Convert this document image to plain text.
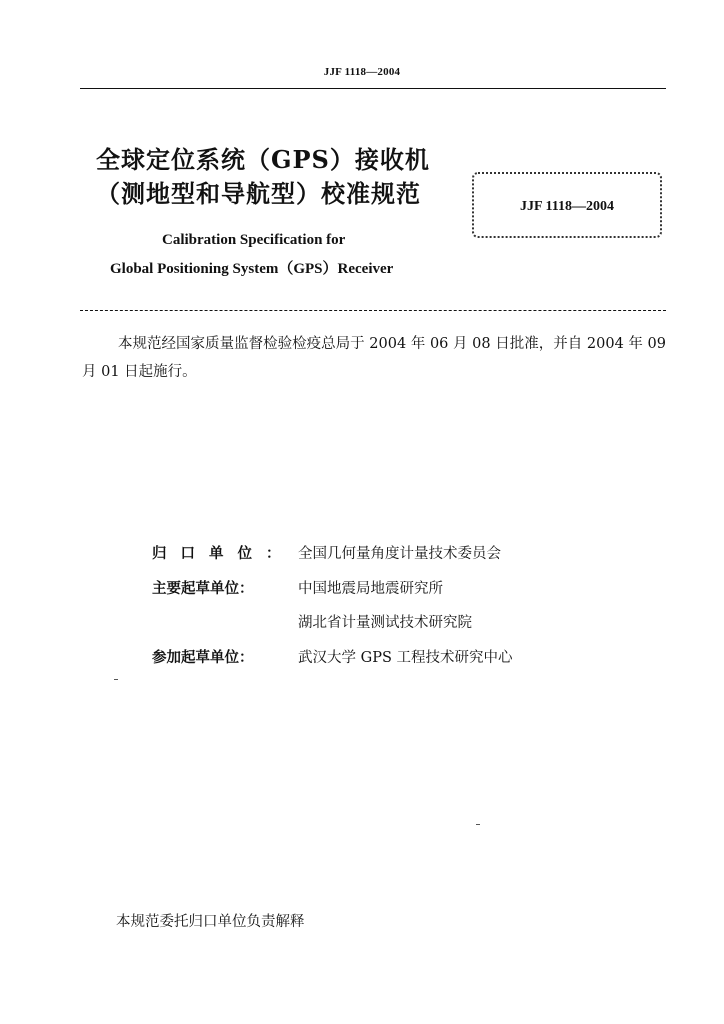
JJF 1118—2004
全球定位系统（GPS）接收机
（测地型和导航型）校准规范	JJF 1118—2004
Calibration Specification for
Global Positioning System（GPS）Receiver
本规范经国家质量监督检验检疫总局于 2004 年 06 月 08 日批准，并自 2004 年 09 月 01 日起施行。
归口单位： 全国几何量角度计量技术委员会
主要起草单位：	中国地震局地震研究所
湖北省计量测试技术研究院
参加起草单位：	武汉大学 GPS 工程技术研究中心
本规范委托归口单位负责解释
